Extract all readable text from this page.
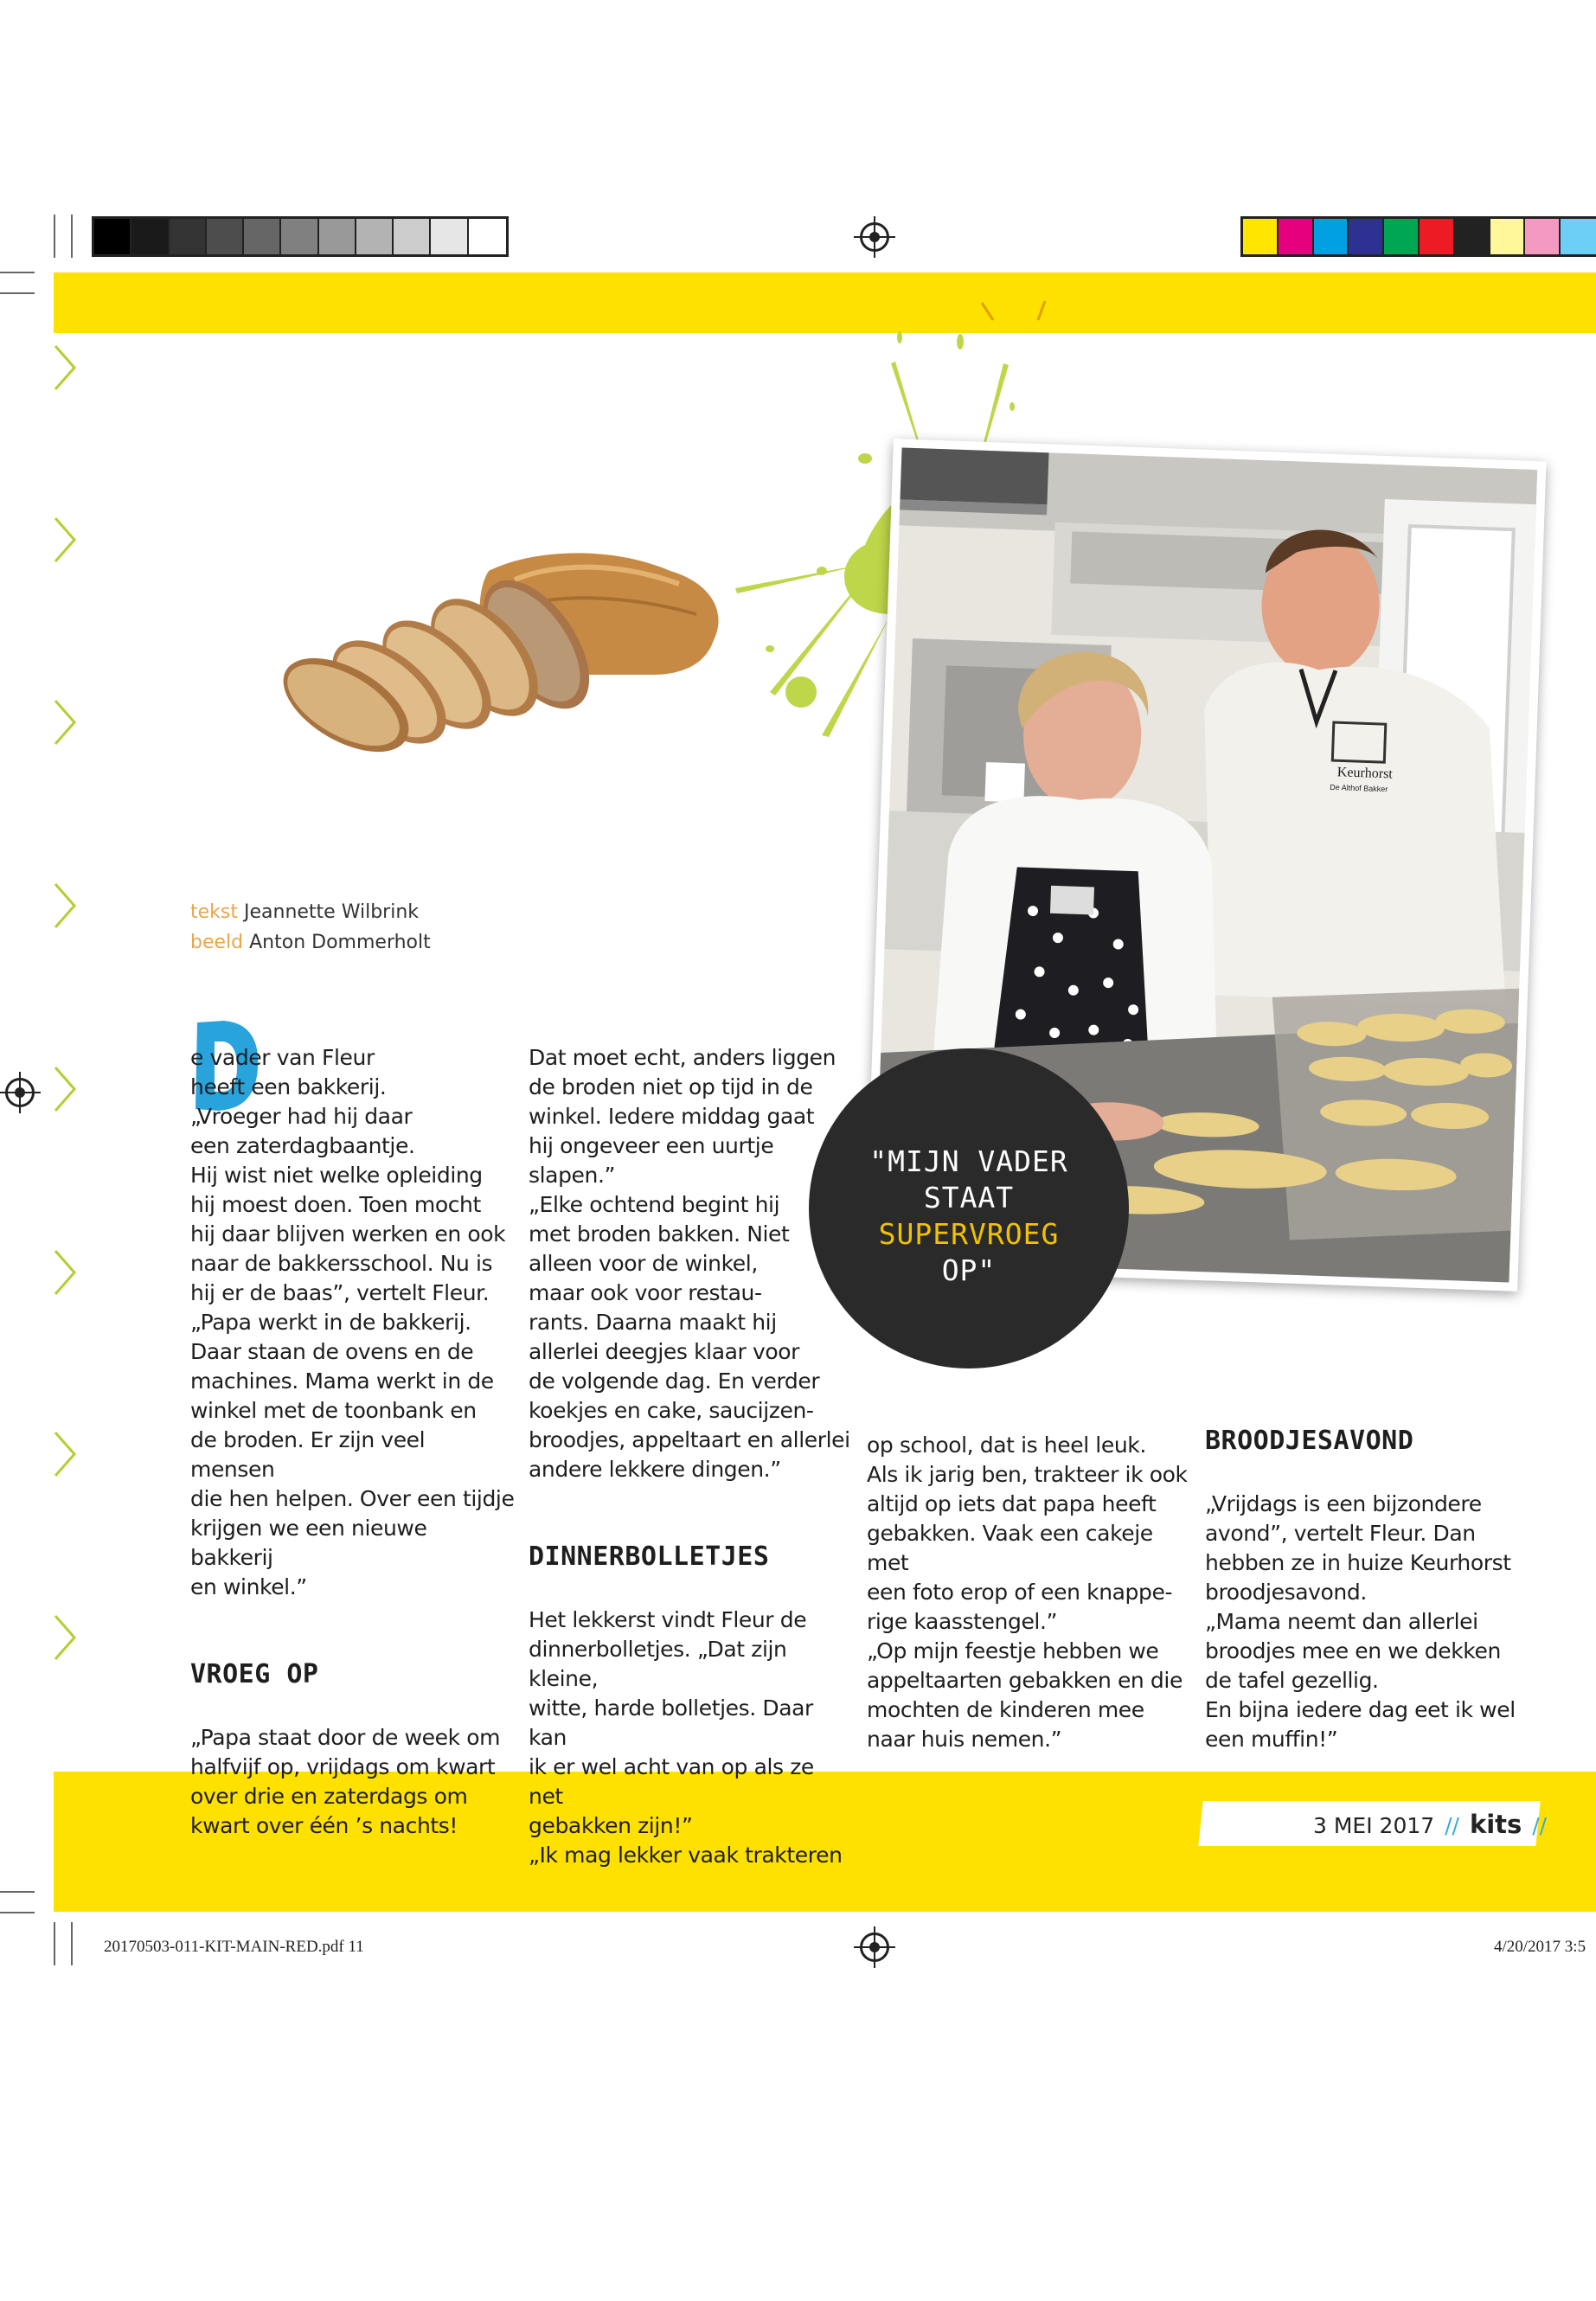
20170503-011-KIT-MAIN-RED.pdf 11	4/20/2017 3:5
tekst Jeannette Wilbrink
beeld Anton Dommerholt
D

e vader van Fleur
heeft een bakkerij.
„Vroeger had hij daar
een zaterdagbaantje.
Hij wist niet welke opleiding
hij moest doen. Toen mocht
hij daar blijven werken en ook
naar de bakkersschool. Nu is
hij er de baas”, vertelt Fleur.
„Papa werkt in de bakkerij.
Daar staan de ovens en de
machines. Mama werkt in de
winkel met de toonbank en
de broden. Er zijn veel mensen
die hen helpen. Over een tijdje
krijgen we een nieuwe bakkerij
en winkel.”

VROEG OP

„Papa staat door de week om
halfvijf op, vrijdags om kwart
over drie en zaterdags om
kwart over één ’s nachts!

Dat moet echt, anders liggen
de broden niet op tijd in de
winkel. Iedere middag gaat
hij ongeveer een uurtje
slapen.”
„Elke ochtend begint hij
met broden bakken. Niet
alleen voor de winkel,
maar ook voor restau-
rants. Daarna maakt hij
allerlei deegjes klaar voor
de volgende dag. En verder
koekjes en cake, saucijzen-
broodjes, appeltaart en allerlei
andere lekkere dingen.”

DINNERBOLLETJES

Het lekkerst vindt Fleur de
dinnerbolletjes. „Dat zijn kleine,
witte, harde bolletjes. Daar kan
ik er wel acht van op als ze net
gebakken zijn!”
„Ik mag lekker vaak trakteren

op school, dat is heel leuk.
Als ik jarig ben, trakteer ik ook
altijd op iets dat papa heeft
gebakken. Vaak een cakeje met
een foto erop of een knappe-
rige kaasstengel.”
„Op mijn feestje hebben we
appeltaarten gebakken en die
mochten de kinderen mee
naar huis nemen.”

BROODJESAVOND

„Vrijdags is een bijzondere
avond”, vertelt Fleur. Dan
hebben ze in huize Keurhorst
broodjesavond.
„Mama neemt dan allerlei
broodjes mee en we dekken
de tafel gezellig.
En bijna iedere dag eet ik wel
een muffin!”

Keurhorst
De Althof Bakker
"MIJN VADER
STAAT
SUPERVROEG
OP"
3 MEI 2017 // kits //
